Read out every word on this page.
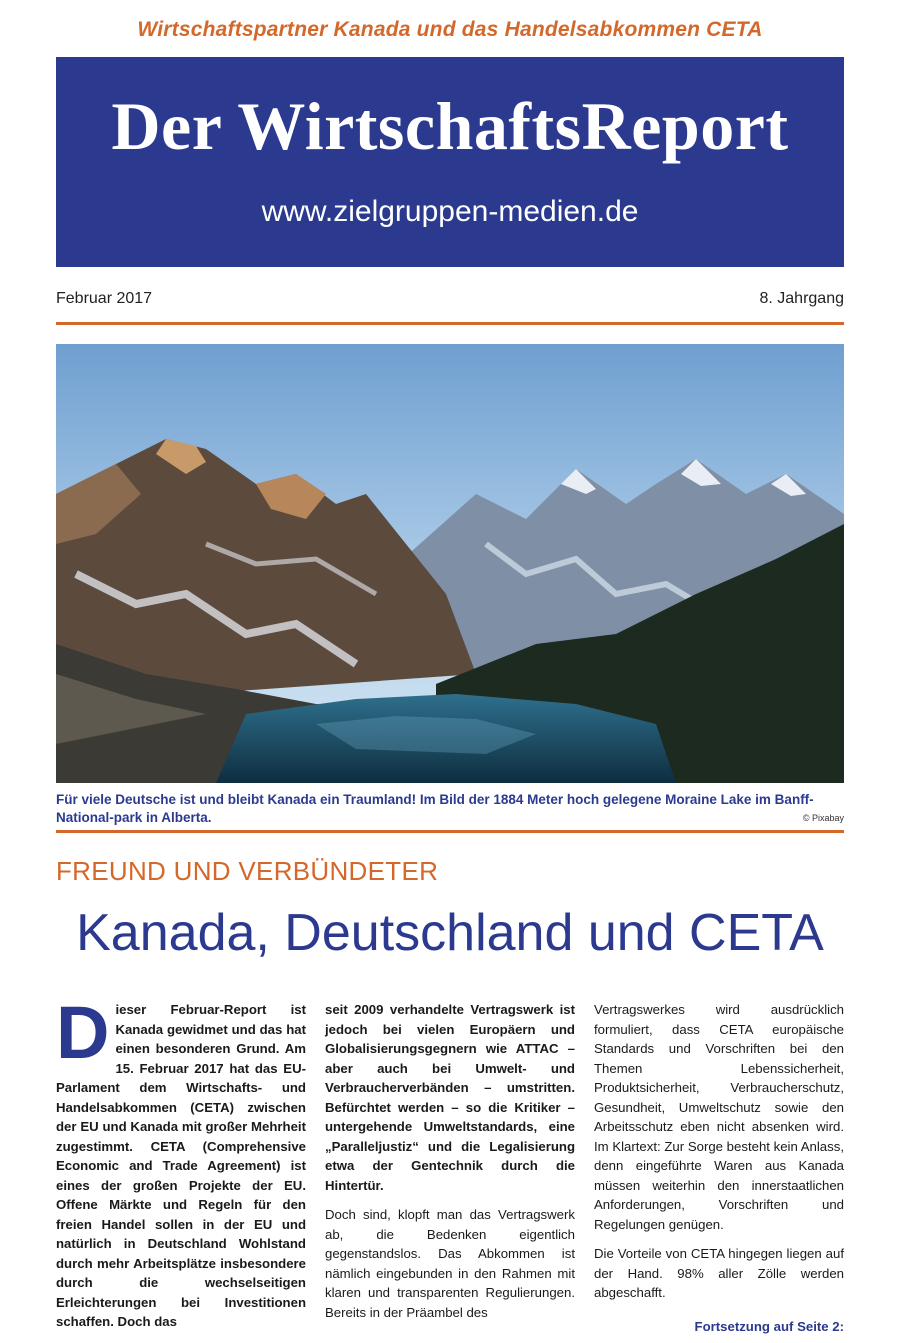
Wirtschaftspartner Kanada und das Handelsabkommen CETA
Der WirtschaftsReport
www.zielgruppen-medien.de
Februar 2017	8. Jahrgang
Für viele Deutsche ist und bleibt Kanada ein Traumland! Im Bild der 1884 Meter hoch gelegene Moraine Lake im Banff-National-park in Alberta.	© Pixabay
FREUND UND VERBÜNDETER
Kanada, Deutschland und CETA

Dieser Februar-Report ist Kanada gewidmet und das hat einen besonderen Grund. Am 15. Februar 2017 hat das EU-Parlament dem Wirtschafts- und Handelsabkommen (CETA) zwischen der EU und Kanada mit großer Mehrheit zugestimmt. CETA (Comprehensive Economic and Trade Agreement) ist eines der großen Projekte der EU. Offene Märkte und Regeln für den freien Handel sollen in der EU und natürlich in Deutschland Wohlstand durch mehr Arbeitsplätze insbesondere durch die wechselseitigen Erleichterungen bei Investitionen schaffen. Doch das

seit 2009 verhandelte Vertragswerk ist jedoch bei vielen Europäern und Globalisierungsgegnern wie ATTAC – aber auch bei Umwelt- und Verbraucherverbänden – umstritten. Befürchtet werden – so die Kritiker – untergehende Umweltstandards, eine „Paralleljustiz“ und die Legalisierung etwa der Gentechnik durch die Hintertür.

Doch sind, klopft man das Vertragswerk ab, die Bedenken eigentlich gegenstandslos. Das Abkommen ist nämlich eingebunden in den Rahmen mit klaren und transparenten Regulierungen. Bereits in der Präambel des

Vertragswerkes wird ausdrücklich formuliert, dass CETA europäische Standards und Vorschriften bei den Themen Lebenssicherheit, Produktsicherheit, Verbraucherschutz, Gesundheit, Umweltschutz sowie den Arbeitsschutz eben nicht absenken wird. Im Klartext: Zur Sorge besteht kein Anlass, denn eingeführte Waren aus Kanada müssen weiterhin den innerstaatlichen Anforderungen, Vorschriften und Regelungen genügen.

Die Vorteile von CETA hingegen liegen auf der Hand. 98% aller Zölle werden abgeschafft.

Fortsetzung auf Seite 2:
